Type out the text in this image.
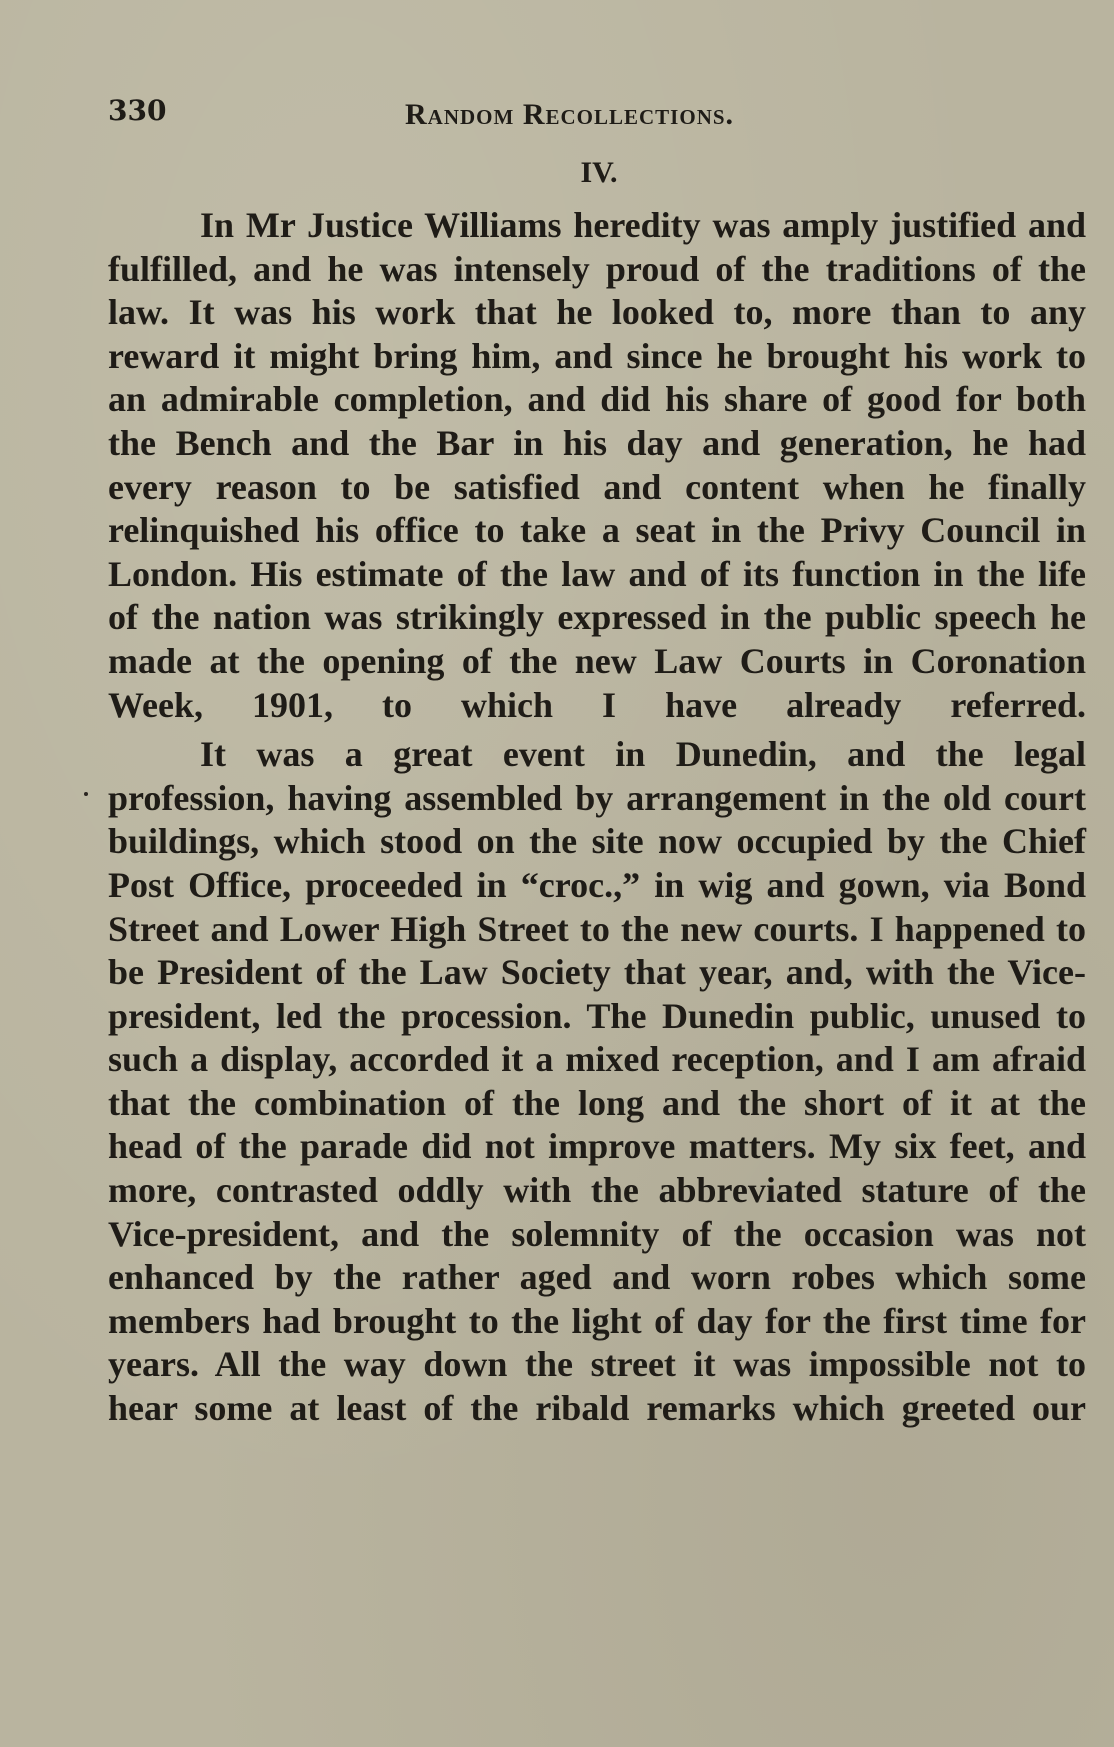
330	Random Recollections.
IV.

In Mr Justice Williams heredity was amply justified and fulfilled, and he was intensely proud of the traditions of the law. It was his work that he looked to, more than to any reward it might bring him, and since he brought his work to an admirable completion, and did his share of good for both the Bench and the Bar in his day and generation, he had every reason to be satisfied and content when he finally relinquished his office to take a seat in the Privy Council in London. His estimate of the law and of its function in the life of the nation was strikingly expressed in the public speech he made at the opening of the new Law Courts in Coronation Week, 1901, to which I have already referred.

It was a great event in Dunedin, and the legal profession, having assembled by arrangement in the old court buildings, which stood on the site now occupied by the Chief Post Office, proceeded in “croc.,” in wig and gown, via Bond Street and Lower High Street to the new courts. I happened to be President of the Law Society that year, and, with the Vice-president, led the procession. The Dunedin public, unused to such a display, accorded it a mixed reception, and I am afraid that the combination of the long and the short of it at the head of the parade did not improve matters. My six feet, and more, contrasted oddly with the abbreviated stature of the Vice-president, and the solemnity of the occasion was not enhanced by the rather aged and worn robes which some members had brought to the light of day for the first time for years. All the way down the street it was impossible not to hear some at least of the ribald remarks which greeted our
